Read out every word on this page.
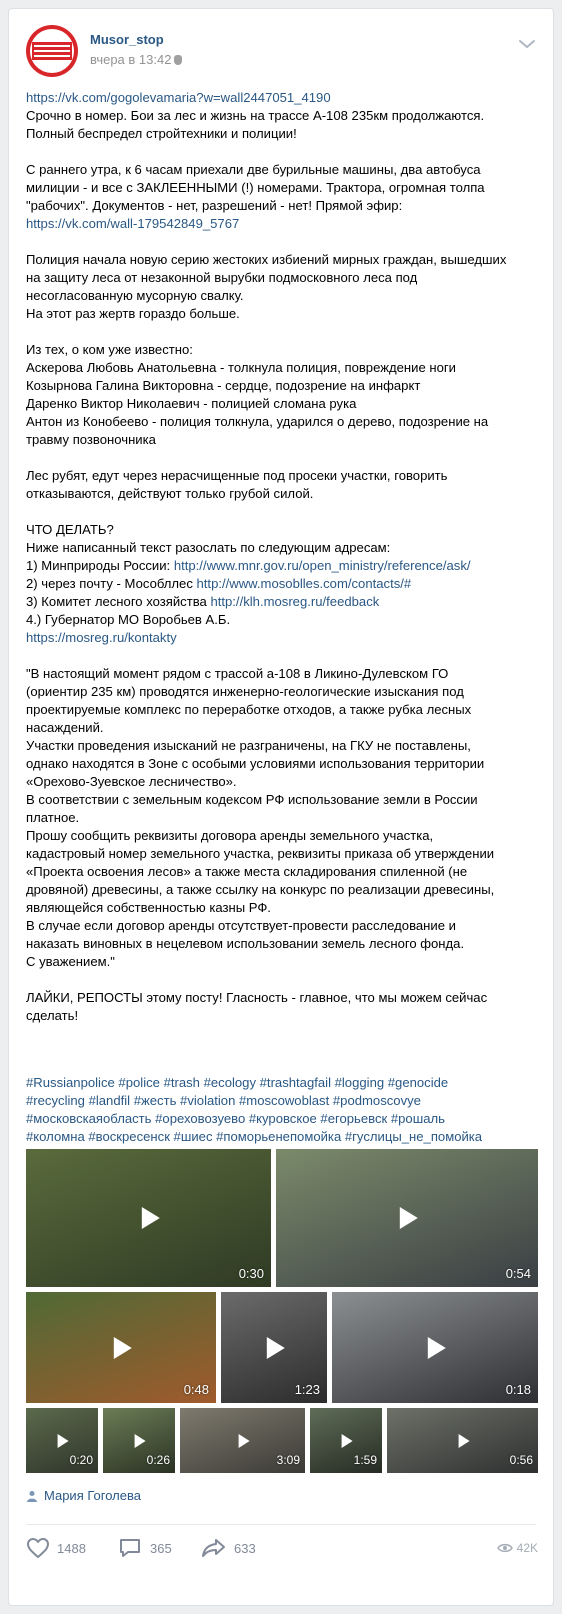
Musor_stop
вчера в 13:42
https://vk.com/gogolevamaria?w=wall2447051_4190
Срочно в номер. Бои за лес и жизнь на трассе А-108 235км продолжаются.
Полный беспредел стройтехники и полиции!
С раннего утра, к 6 часам приехали две бурильные машины, два автобуса
милиции - и все с ЗАКЛЕЕННЫМИ (!) номерами. Трактора, огромная толпа
"рабочих". Документов - нет, разрешений - нет! Прямой эфир:
https://vk.com/wall-179542849_5767
Полиция начала новую серию жестоких избиений мирных граждан, вышедших
на защиту леса от незаконной вырубки подмосковного леса под
несогласованную мусорную свалку.
На этот раз жертв гораздо больше.
Из тех, о ком уже известно:
Аскерова Любовь Анатольевна - толкнула полиция, повреждение ноги
Козырнова Галина Викторовна - сердце, подозрение на инфаркт
Даренко Виктор Николаевич - полицией сломана рука
Антон из Конобеево - полиция толкнула, ударился о дерево, подозрение на
травму позвоночника
Лес рубят, едут через нерасчищенные под просеки участки, говорить
отказываются, действуют только грубой силой.
ЧТО ДЕЛАТЬ?
Ниже написанный текст разослать по следующим адресам:
1) Минприроды России: http://www.mnr.gov.ru/open_ministry/reference/ask/
2) через почту - Мособллес http://www.mosoblles.com/contacts/#
3) Комитет лесного хозяйства http://klh.mosreg.ru/feedback
4.) Губернатор МО Воробьев А.Б.
https://mosreg.ru/kontakty
"В настоящий момент рядом с трассой а-108 в Ликино-Дулевском ГО
(ориентир 235 км) проводятся инженерно-геологические изыскания под
проектируемые комплекс по переработке отходов, а также рубка лесных
насаждений.
Участки проведения изысканий не разграничены, на ГКУ не поставлены,
однако находятся в Зоне с особыми условиями использования территории
«Орехово-Зуевское лесничество».
В соответствии с земельным кодексом РФ использование земли в России
платное.
Прошу сообщить реквизиты договора аренды земельного участка,
кадастровый номер земельного участка, реквизиты приказа об утверждении
«Проекта освоения лесов» а также места складирования спиленной (не
дровяной) древесины, а также ссылку на конкурс по реализации древесины,
являющейся собственностью казны РФ.
В случае если договор аренды отсутствует-провести расследование и
наказать виновных в нецелевом использовании земель лесного фонда.
С уважением."
ЛАЙКИ, РЕПОСТЫ этому посту! Гласность - главное, что мы можем сейчас
сделать!
#Russianpolice #police #trash #ecology #trashtagfail #logging #genocide
#recycling #landfil #жесть #violation #moscowoblast #podmoscovye
#московскаяобласть #ореховозуево #куровское #егорьевск #рошаль
#коломна #воскресенск #шиес #поморьенепомойка #гуслицы_не_помойка
0:30	0:54
0:48	1:23	0:18
0:20	0:26	3:09	1:59	0:56
Мария Гоголева
1488	365	633	42K
